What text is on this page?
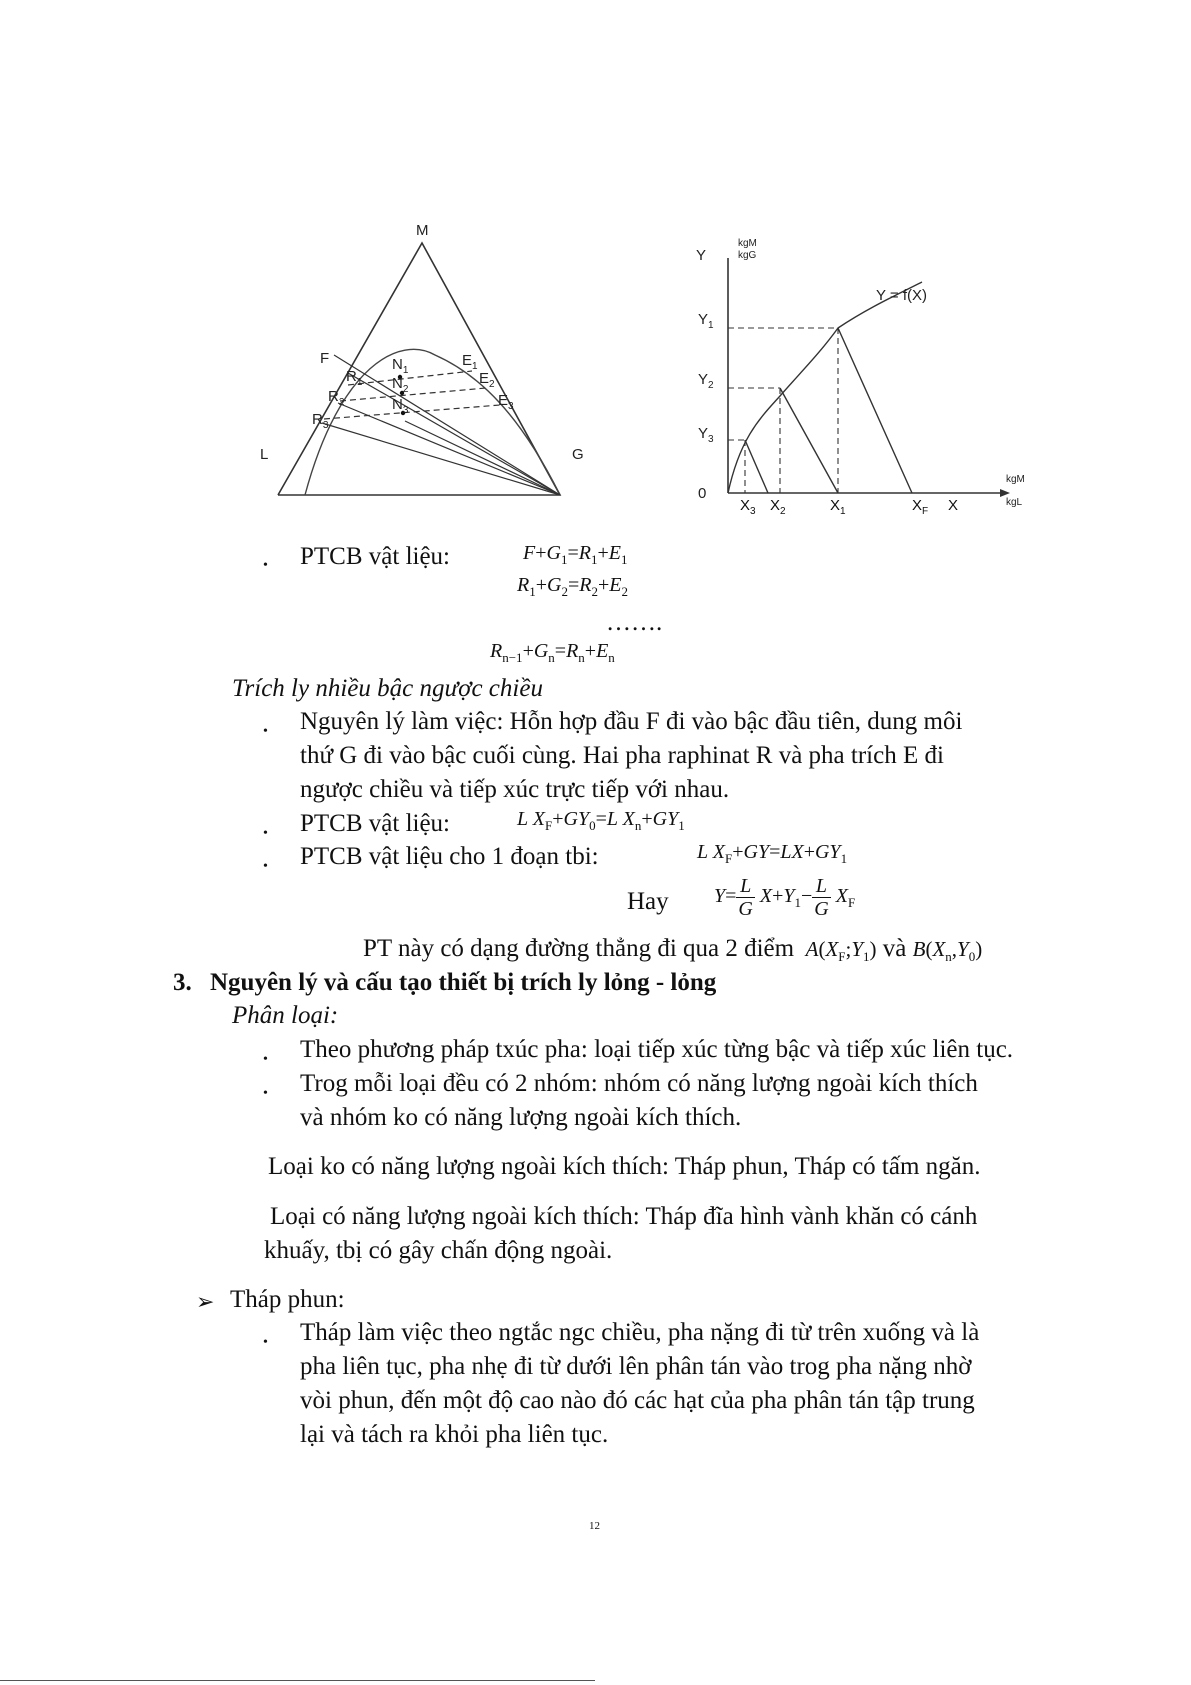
M
F
L	G
$R_1$
$R_2$
$R_3$
$N_1$
$N_2$
$N_3$
$E_1$
$E_2$
$E_3$
Y
kgM
kgG
kgM
kgL
Y = f(X)
0
$Y_1$
$Y_2$
$Y_3$
$X_3$ $X_2$	$X_1$	$X_F$ X
• PTCB vật liệu:	$F+G_1=R_1+E_1$
$R_1+G_2=R_2+E_2$
…….
$R_{n-1}+G_n=R_n+E_n$
Trích ly nhiều bậc ngược chiều
• Nguyên lý làm việc: Hỗn hợp đầu F đi vào bậc đầu tiên, dung môi
thứ G đi vào bậc cuối cùng. Hai pha raphinat R và pha trích E đi
ngược chiều và tiếp xúc trực tiếp với nhau.
• PTCB vật liệu:	L $X_F+GY_0=L$ $X_n+GY_1$
• PTCB vật liệu cho 1 đoạn tbi:	L $X_F+GY=LX+GY_1$
Hay $Y= \frac{L}{G} X+Y_1- \frac{L}{G} X_F$
PT này có dạng đường thẳng đi qua 2 điểm  $A(X_F;Y_1)$ và $B(X_n,Y_0)$
3. Nguyên lý và cấu tạo thiết bị trích ly lỏng - lỏng
Phân loại:
• Theo phương pháp txúc pha: loại tiếp xúc từng bậc và tiếp xúc liên tục.
• Trog mỗi loại đều có 2 nhóm: nhóm có năng lượng ngoài kích thích
và nhóm ko có năng lượng ngoài kích thích.
Loại ko có năng lượng ngoài kích thích: Tháp phun, Tháp có tấm ngăn.
Loại có năng lượng ngoài kích thích: Tháp đĩa hình vành khăn có cánh
khuấy, tbị có gây chấn động ngoài.
➢ Tháp phun:
• Tháp làm việc theo ngtắc ngc chiều, pha nặng đi từ trên xuống và là
pha liên tục, pha nhẹ đi từ dưới lên phân tán vào trog pha nặng nhờ
vòi phun, đến một độ cao nào đó các hạt của pha phân tán tập trung
lại và tách ra khỏi pha liên tục.
12
